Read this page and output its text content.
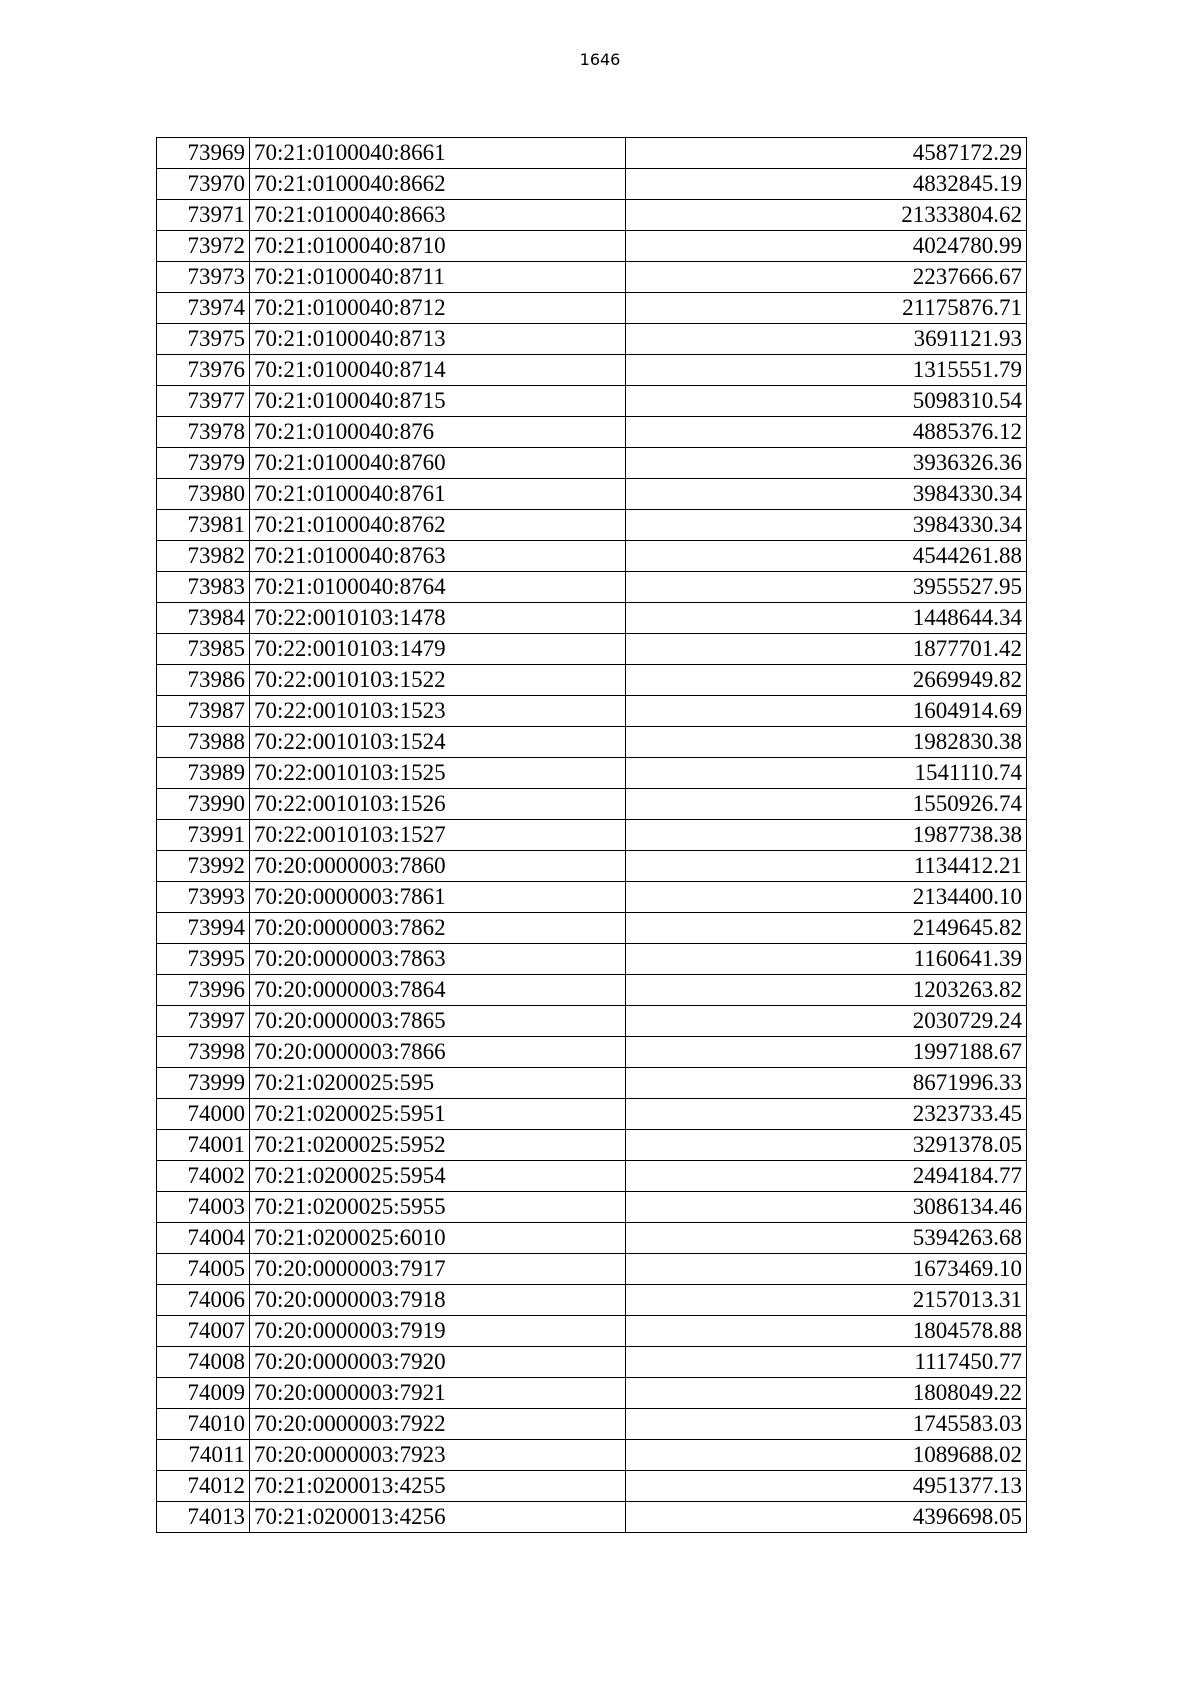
1646
73969	70:21:0100040:8661	4587172.29
73970	70:21:0100040:8662	4832845.19
73971	70:21:0100040:8663	21333804.62
73972	70:21:0100040:8710	4024780.99
73973	70:21:0100040:8711	2237666.67
73974	70:21:0100040:8712	21175876.71
73975	70:21:0100040:8713	3691121.93
73976	70:21:0100040:8714	1315551.79
73977	70:21:0100040:8715	5098310.54
73978	70:21:0100040:876	4885376.12
73979	70:21:0100040:8760	3936326.36
73980	70:21:0100040:8761	3984330.34
73981	70:21:0100040:8762	3984330.34
73982	70:21:0100040:8763	4544261.88
73983	70:21:0100040:8764	3955527.95
73984	70:22:0010103:1478	1448644.34
73985	70:22:0010103:1479	1877701.42
73986	70:22:0010103:1522	2669949.82
73987	70:22:0010103:1523	1604914.69
73988	70:22:0010103:1524	1982830.38
73989	70:22:0010103:1525	1541110.74
73990	70:22:0010103:1526	1550926.74
73991	70:22:0010103:1527	1987738.38
73992	70:20:0000003:7860	1134412.21
73993	70:20:0000003:7861	2134400.10
73994	70:20:0000003:7862	2149645.82
73995	70:20:0000003:7863	1160641.39
73996	70:20:0000003:7864	1203263.82
73997	70:20:0000003:7865	2030729.24
73998	70:20:0000003:7866	1997188.67
73999	70:21:0200025:595	8671996.33
74000	70:21:0200025:5951	2323733.45
74001	70:21:0200025:5952	3291378.05
74002	70:21:0200025:5954	2494184.77
74003	70:21:0200025:5955	3086134.46
74004	70:21:0200025:6010	5394263.68
74005	70:20:0000003:7917	1673469.10
74006	70:20:0000003:7918	2157013.31
74007	70:20:0000003:7919	1804578.88
74008	70:20:0000003:7920	1117450.77
74009	70:20:0000003:7921	1808049.22
74010	70:20:0000003:7922	1745583.03
74011	70:20:0000003:7923	1089688.02
74012	70:21:0200013:4255	4951377.13
74013	70:21:0200013:4256	4396698.05
